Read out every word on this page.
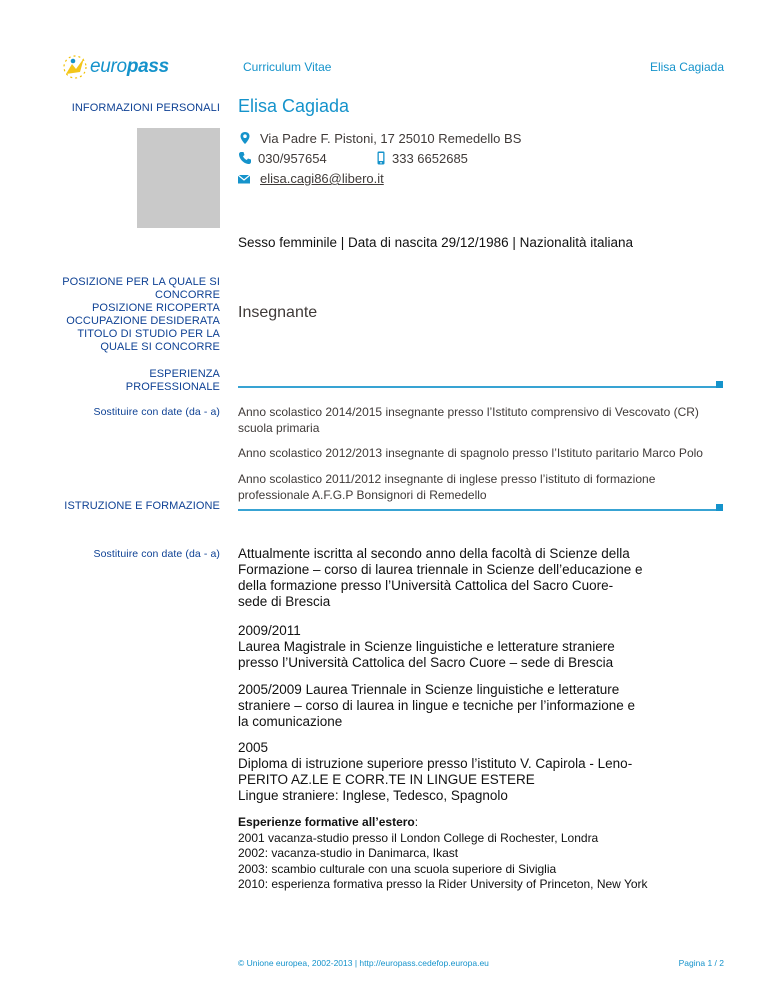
europass	Curriculum Vitae	Elisa Cagiada
INFORMAZIONI PERSONALI Elisa Cagiada
Via Padre F. Pistoni, 17 25010 Remedello BS
030/957654	333 6652685
elisa.cagi86@libero.it
Sesso femminile | Data di nascita 29/12/1986 | Nazionalità italiana
POSIZIONE PER LA QUALE SI
CONCORRE
POSIZIONE RICOPERTA
OCCUPAZIONE DESIDERATA
TITOLO DI STUDIO PER LA
QUALE SI CONCORRE
Insegnante
ESPERIENZA
PROFESSIONALE
Sostituire con date (da - a) Anno scolastico 2014/2015 insegnante presso l’Istituto comprensivo di Vescovato (CR)
scuola primaria
Anno scolastico 2012/2013 insegnante di spagnolo presso l’Istituto paritario Marco Polo
Anno scolastico 2011/2012 insegnante di inglese presso l’istituto di formazione
professionale A.F.G.P Bonsignori di Remedello
ISTRUZIONE E FORMAZIONE
Sostituire con date (da - a) Attualmente iscritta al secondo anno della facoltà di Scienze della
Formazione – corso di laurea triennale in Scienze dell’educazione e
della formazione presso l’Università Cattolica del Sacro Cuore-
sede di Brescia
2009/2011
Laurea Magistrale in Scienze linguistiche e letterature straniere
presso l’Università Cattolica del Sacro Cuore – sede di Brescia
2005/2009 Laurea Triennale in Scienze linguistiche e letterature
straniere – corso di laurea in lingue e tecniche per l’informazione e
la comunicazione
2005
Diploma di istruzione superiore presso l’istituto V. Capirola - Leno-
PERITO AZ.LE E CORR.TE IN LINGUE ESTERE
Lingue straniere: Inglese, Tedesco, Spagnolo
Esperienze formative all’estero:
2001 vacanza-studio presso il London College di Rochester, Londra
2002: vacanza-studio in Danimarca, Ikast
2003: scambio culturale con una scuola superiore di Siviglia
2010: esperienza formativa presso la Rider University of Princeton, New York
© Unione europea, 2002-2013 | http://europass.cedefop.europa.eu	Pagina 1 / 2
